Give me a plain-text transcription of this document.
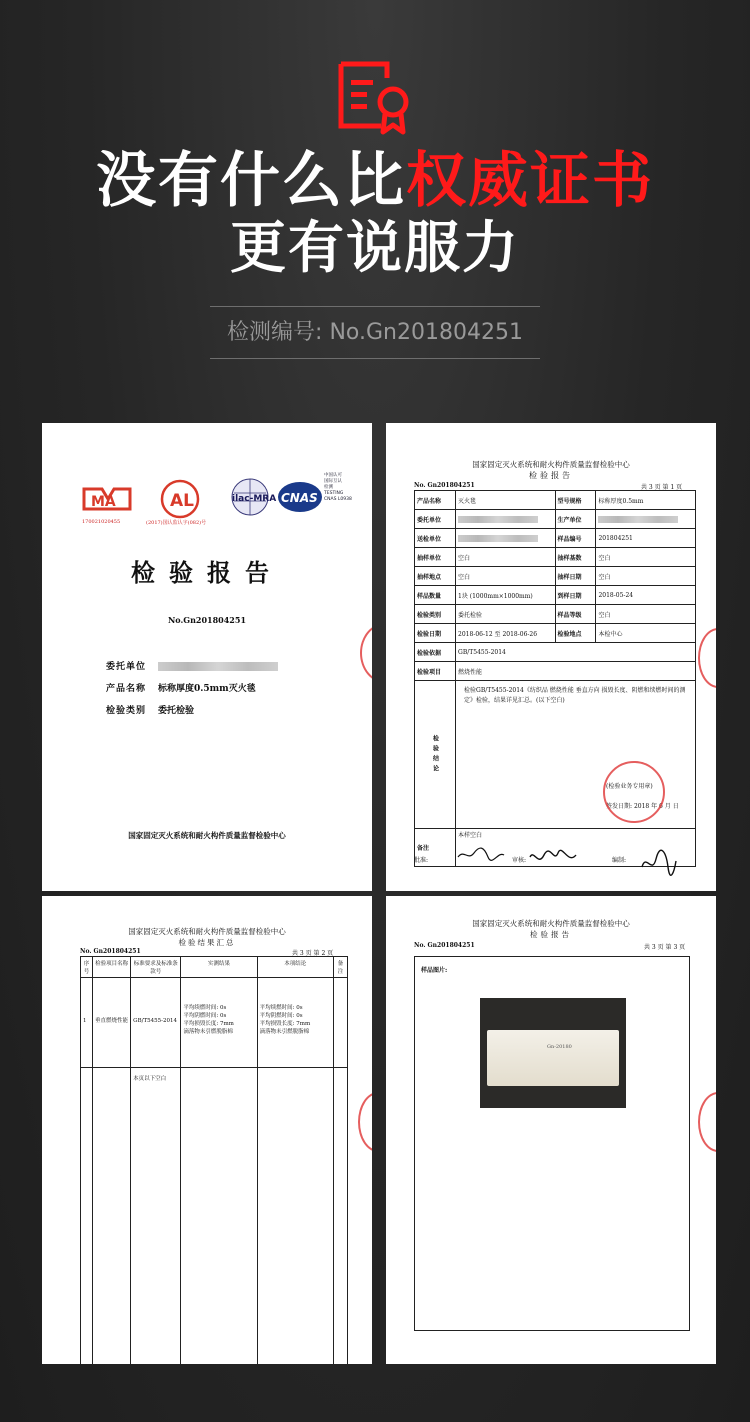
没有什么比权威证书
更有说服力
检测编号: No.Gn201804251
MA	AL	ilac-MRA CNAS
170021020455	(2017)国认监认字(082)号
中国认可
国际互认
检测
TESTING
CNAS L0938
检验报告
No.Gn201804251
委托单位
产品名称 标称厚度0.5mm灭火毯
检验类别 委托检验
国家固定灭火系统和耐火构件质量监督检验中心
国家固定灭火系统和耐火构件质量监督检验中心
检验报告
No. Gn201804251	共 3 页 第 1 页
产品名称	灭火毯	型号规格	标称厚度0.5mm
委托单位		生产单位	
送检单位		样品编号	201804251
抽样单位	空白	抽样基数	空白
抽样地点	空白	抽样日期	空白
样品数量	1块 (1000mm×1000mm)	到样日期	2018-05-24
检验类别	委托检验	样品等级	空白
检验日期	2018-06-12 至 2018-06-26	检验地点	本检中心
检验依据	GB/T5455-2014		
检验项目	燃烧性能		
检验结论	检验GB/T5455-2014《纺织品 燃烧性能 垂直方向 损毁长度、阴燃和续燃时间的测定》检验，结果详见汇总。(以下空白)
(检验业务专用章)
签发日期: 2018 年 6 月 日		

备注	本样空白		
批准:	审核:	编制:
国家固定灭火系统和耐火构件质量监督检验中心
检验结果汇总
No. Gn201804251	共 3 页 第 2 页
序号	检验项目名称	标准要求及标准条款号	实测结果	本项结论	备注
1	垂直燃烧性能	GB/T5455-2014	平均续燃时间: 0s
平均阴燃时间: 0s
平均损毁长度: 7mm
滴落物未引燃脱脂棉	平均续燃时间: 0s
平均阴燃时间: 0s
平均损毁长度: 7mm
滴落物未引燃脱脂棉	
		本页以下空白			
国家固定灭火系统和耐火构件质量监督检验中心
检验报告
No. Gn201804251	共 3 页 第 3 页
样品图片:
Gn-20180
